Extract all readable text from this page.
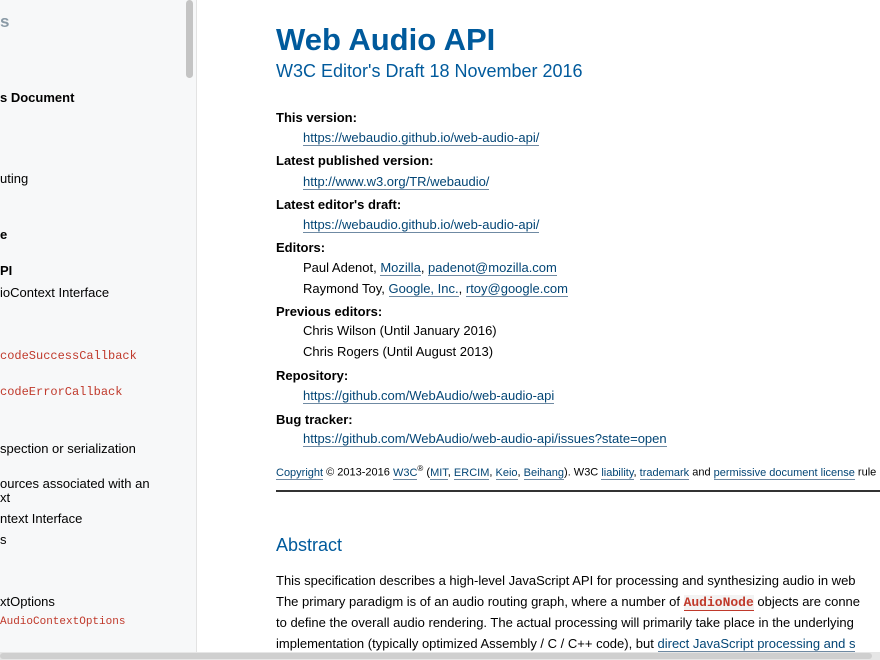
s
s Document
uting
e
PI
ioContext Interface
codeSuccessCallback
codeErrorCallback
spection or serialization
ources associated with an
xt
ntext Interface
s
xtOptions
AudioContextOptions
Web Audio API
W3C Editor's Draft 18 November 2016
This version:
https://webaudio.github.io/web-audio-api/
Latest published version:
http://www.w3.org/TR/webaudio/
Latest editor's draft:
https://webaudio.github.io/web-audio-api/
Editors:
Paul Adenot, Mozilla, padenot@mozilla.com
Raymond Toy, Google, Inc., rtoy@google.com
Previous editors:
Chris Wilson (Until January 2016)
Chris Rogers (Until August 2013)
Repository:
https://github.com/WebAudio/web-audio-api
Bug tracker:
https://github.com/WebAudio/web-audio-api/issues?state=open

Copyright © 2013-2016 W3C® (MIT, ERCIM, Keio, Beihang). W3C liability, trademark and permissive document license rule

Abstract
This specification describes a high-level JavaScript API for processing and synthesizing audio in web
The primary paradigm is of an audio routing graph, where a number of AudioNode objects are conne
to define the overall audio rendering. The actual processing will primarily take place in the underlying
implementation (typically optimized Assembly / C / C++ code), but direct JavaScript processing and s
